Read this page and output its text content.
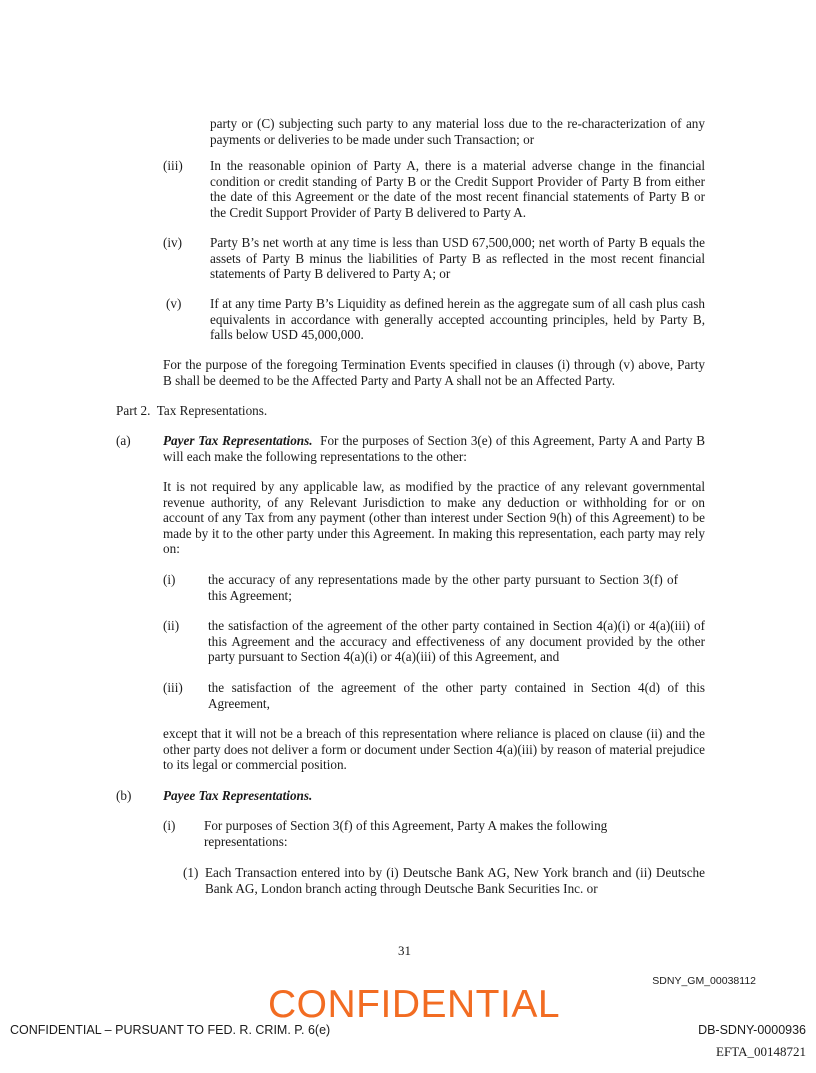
party or (C) subjecting such party to any material loss due to the re-characterization of any payments or deliveries to be made under such Transaction; or

(iii) In the reasonable opinion of Party A, there is a material adverse change in the financial condition or credit standing of Party B or the Credit Support Provider of Party B from either the date of this Agreement or the date of the most recent financial statements of Party B or the Credit Support Provider of Party B delivered to Party A.

(iv) Party B’s net worth at any time is less than USD 67,500,000; net worth of Party B equals the assets of Party B minus the liabilities of Party B as reflected in the most recent financial statements of Party B delivered to Party A; or

(v) If at any time Party B’s Liquidity as defined herein as the aggregate sum of all cash plus cash equivalents in accordance with generally accepted accounting principles, held by Party B, falls below USD 45,000,000.

For the purpose of the foregoing Termination Events specified in clauses (i) through (v) above, Party B shall be deemed to be the Affected Party and Party A shall not be an Affected Party.

Part 2.  Tax Representations.
(a) Payer Tax Representations. For the purposes of Section 3(e) of this Agreement, Party A and Party B will each make the following representations to the other:

It is not required by any applicable law, as modified by the practice of any relevant governmental revenue authority, of any Relevant Jurisdiction to make any deduction or withholding for or on account of any Tax from any payment (other than interest under Section 9(h) of this Agreement) to be made by it to the other party under this Agreement. In making this representation, each party may rely on:

(i) the accuracy of any representations made by the other party pursuant to Section 3(f) of this Agreement;

(ii) the satisfaction of the agreement of the other party contained in Section 4(a)(i) or 4(a)(iii) of this Agreement and the accuracy and effectiveness of any document provided by the other party pursuant to Section 4(a)(i) or 4(a)(iii) of this Agreement, and

(iii) the satisfaction of the agreement of the other party contained in Section 4(d) of this Agreement,

except that it will not be a breach of this representation where reliance is placed on clause (ii) and the other party does not deliver a form or document under Section 4(a)(iii) by reason of material prejudice to its legal or commercial position.

(b) Payee Tax Representations.
(i) For purposes of Section 3(f) of this Agreement, Party A makes the following representations:

(1) Each Transaction entered into by (i) Deutsche Bank AG, New York branch and (ii) Deutsche Bank AG, London branch acting through Deutsche Bank Securities Inc. or

31
SDNY_GM_00038112
CONFIDENTIAL
CONFIDENTIAL – PURSUANT TO FED. R. CRIM. P. 6(e)	DB-SDNY-0000936
EFTA_00148721
